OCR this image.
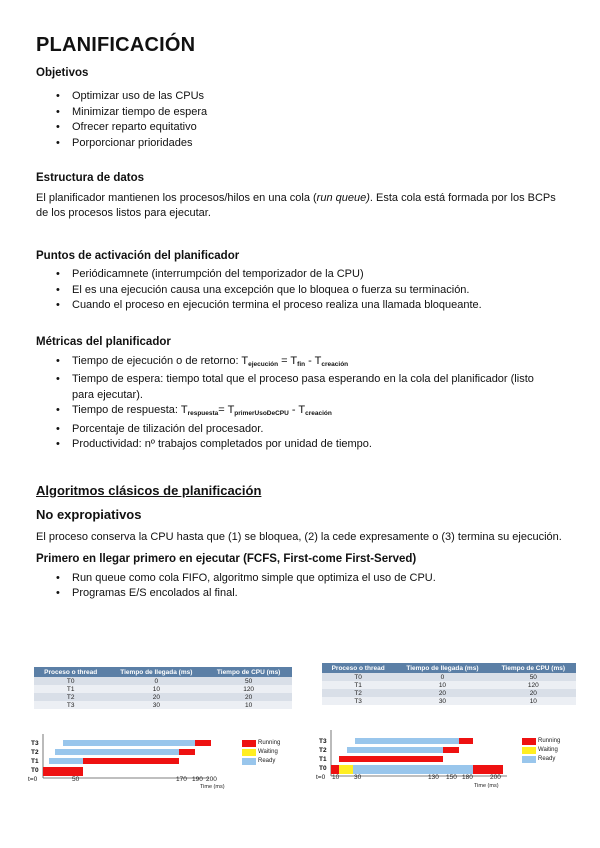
PLANIFICACIÓN
Objetivos
• Optimizar uso de las CPUs
• Minimizar tiempo de espera
• Ofrecer reparto equitativo
• Porporcionar prioridades
Estructura de datos

El planificador mantienen los procesos/hilos en una cola (run queue). Esta cola está formada por los BCPs de los procesos listos para ejecutar.

Puntos de activación del planificador
• Periódicamnete (interrumpción del temporizador de la CPU)
• El es una ejecución causa una excepción que lo bloquea o fuerza su terminación.
• Cuando el proceso en ejecución termina el proceso realiza una llamada bloqueante.
Métricas del planificador
• Tiempo de ejecución o de retorno: $T_{ejecución} = T_{fin} - T_{creación}$
• Tiempo de espera: tiempo total que el proceso pasa esperando en la cola del planificador (listo para ejecutar).
• Tiempo de respuesta: $T_{respuesta}= T_{primerUsoDeCPU} - T_{creación}$
• Porcentaje de tilización del procesador.
• Productividad: nº trabajos completados por unidad de tiempo.
Algoritmos clásicos de planificación
No expropiativos

El proceso conserva la CPU hasta que (1) se bloquea, (2) la cede expresamente o (3) termina su ejecución.

Primero en llegar primero en ejecutar (FCFS, First-come First-Served)
• Run queue como cola FIFO, algoritmo simple que optimiza el uso de CPU.
• Programas E/S encolados al final.
Proceso o thread	Tiempo de llegada (ms)	Tiempo de CPU (ms)
T0	0	50
T1	10	120
T2	20	20
T3	30	10
Proceso o thread	Tiempo de llegada (ms)	Tiempo de CPU (ms)
T0	0	50
T1	10	120
T2	20	20
T3	30	10
T3
T2
T1
T0
t=0	50	170 190 200
Time (ms)
Running
Waiting
Ready
T3
T2
T1
T0
t=0 10 30	130 150 180	200
Time (ms)
Running
Waiting
Ready
